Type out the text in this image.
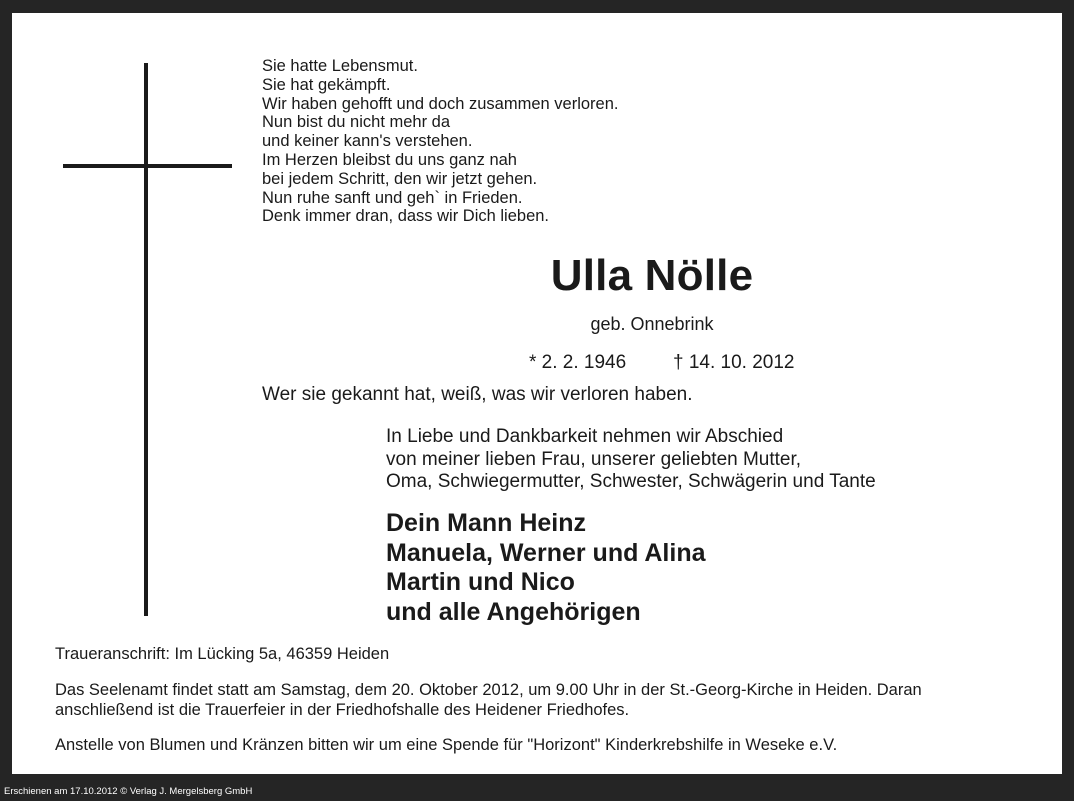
Sie hatte Lebensmut.
Sie hat gekämpft.
Wir haben gehofft und doch zusammen verloren.
Nun bist du nicht mehr da
und keiner kann's verstehen.
Im Herzen bleibst du uns ganz nah
bei jedem Schritt, den wir jetzt gehen.
Nun ruhe sanft und geh` in Frieden.
Denk immer dran, dass wir Dich lieben.
Ulla Nölle
geb. Onnebrink
* 2. 2. 1946 † 14. 10. 2012
Wer sie gekannt hat, weiß, was wir verloren haben.
In Liebe und Dankbarkeit nehmen wir Abschied
von meiner lieben Frau, unserer geliebten Mutter,
Oma, Schwiegermutter, Schwester, Schwägerin und Tante
Dein Mann Heinz
Manuela, Werner und Alina
Martin und Nico
und alle Angehörigen
Traueranschrift: Im Lücking 5a, 46359 Heiden
Das Seelenamt findet statt am Samstag, dem 20. Oktober 2012, um 9.00 Uhr in der St.-Georg-Kirche in Heiden. Daran
anschließend ist die Trauerfeier in der Friedhofshalle des Heidener Friedhofes.
Anstelle von Blumen und Kränzen bitten wir um eine Spende für "Horizont" Kinderkrebshilfe in Weseke e.V.
Erschienen am 17.10.2012 © Verlag J. Mergelsberg GmbH
